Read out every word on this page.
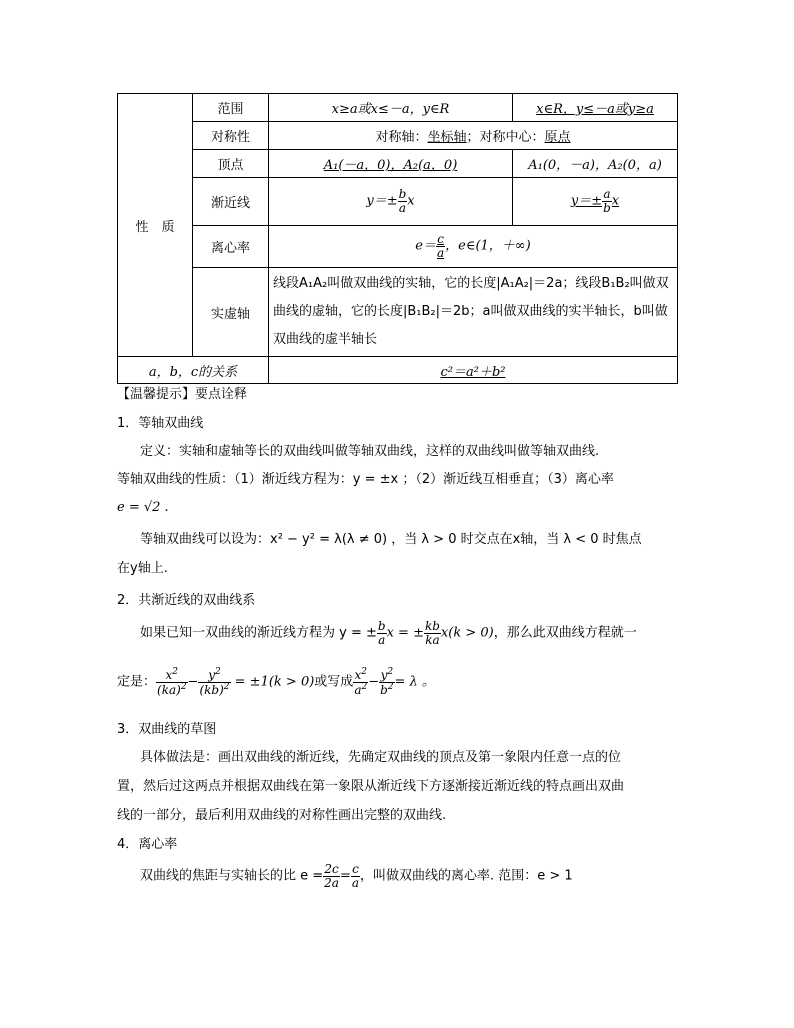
性　质	范围	x≥a或x≤－a，y∈R	x∈R，y≤－a或y≥a
	对称性	对称轴：坐标轴；对称中心：原点	
	顶点	A₁(－a，0)，A₂(a，0)	A₁(0，－a)，A₂(0，a)
	渐近线	$y=\pm \frac{b}{a}$ x	$y=\pm \frac{a}{b}$ x
	离心率	$e= \frac{c}{a}$ ，e∈(1，＋∞)	
	实虚轴	线段A₁A₂叫做双曲线的实轴，它的长度|A₁A₂|＝2a；线段B₁B₂叫做双曲线的虚轴，它的长度|B₁B₂|＝2b；a叫做双曲线的实半轴长，b叫做双曲线的虚半轴长	
a，b，c的关系		c²＝a²＋b²	
【温馨提示】要点诠释
1．等轴双曲线
定义：实轴和虚轴等长的双曲线叫做等轴双曲线，这样的双曲线叫做等轴双曲线.
等轴双曲线的性质：（1）渐近线方程为：y = ±x ；（2）渐近线互相垂直；（3）离心率
e = √2 .
等轴双曲线可以设为：x² − y² = λ(λ ≠ 0) ，当 λ > 0 时交点在x轴，当 λ < 0 时焦点
在y轴上.
2．共渐近线的双曲线系
如果已知一双曲线的渐近线方程为 y = ± $\frac{b}{a}$ x = ± $\frac{kb}{ka} x(k > 0)$，那么此双曲线方程就一
定是： $\frac{x^2}{(ka)^2} - \frac{y^2}{(kb)^2} = \pm 1(k > 0)$或写成 $\frac{x^2}{a^2} - \frac{y^2}{b^2} = \lambda$ 。
3．双曲线的草图
具体做法是：画出双曲线的渐近线，先确定双曲线的顶点及第一象限内任意一点的位
置，然后过这两点并根据双曲线在第一象限从渐近线下方逐渐接近渐近线的特点画出双曲
线的一部分，最后利用双曲线的对称性画出完整的双曲线.
4．离心率
双曲线的焦距与实轴长的比 $e = \frac{2c}{2a} = \frac{c}{a}$ ，叫做双曲线的离心率. 范围：e > 1
